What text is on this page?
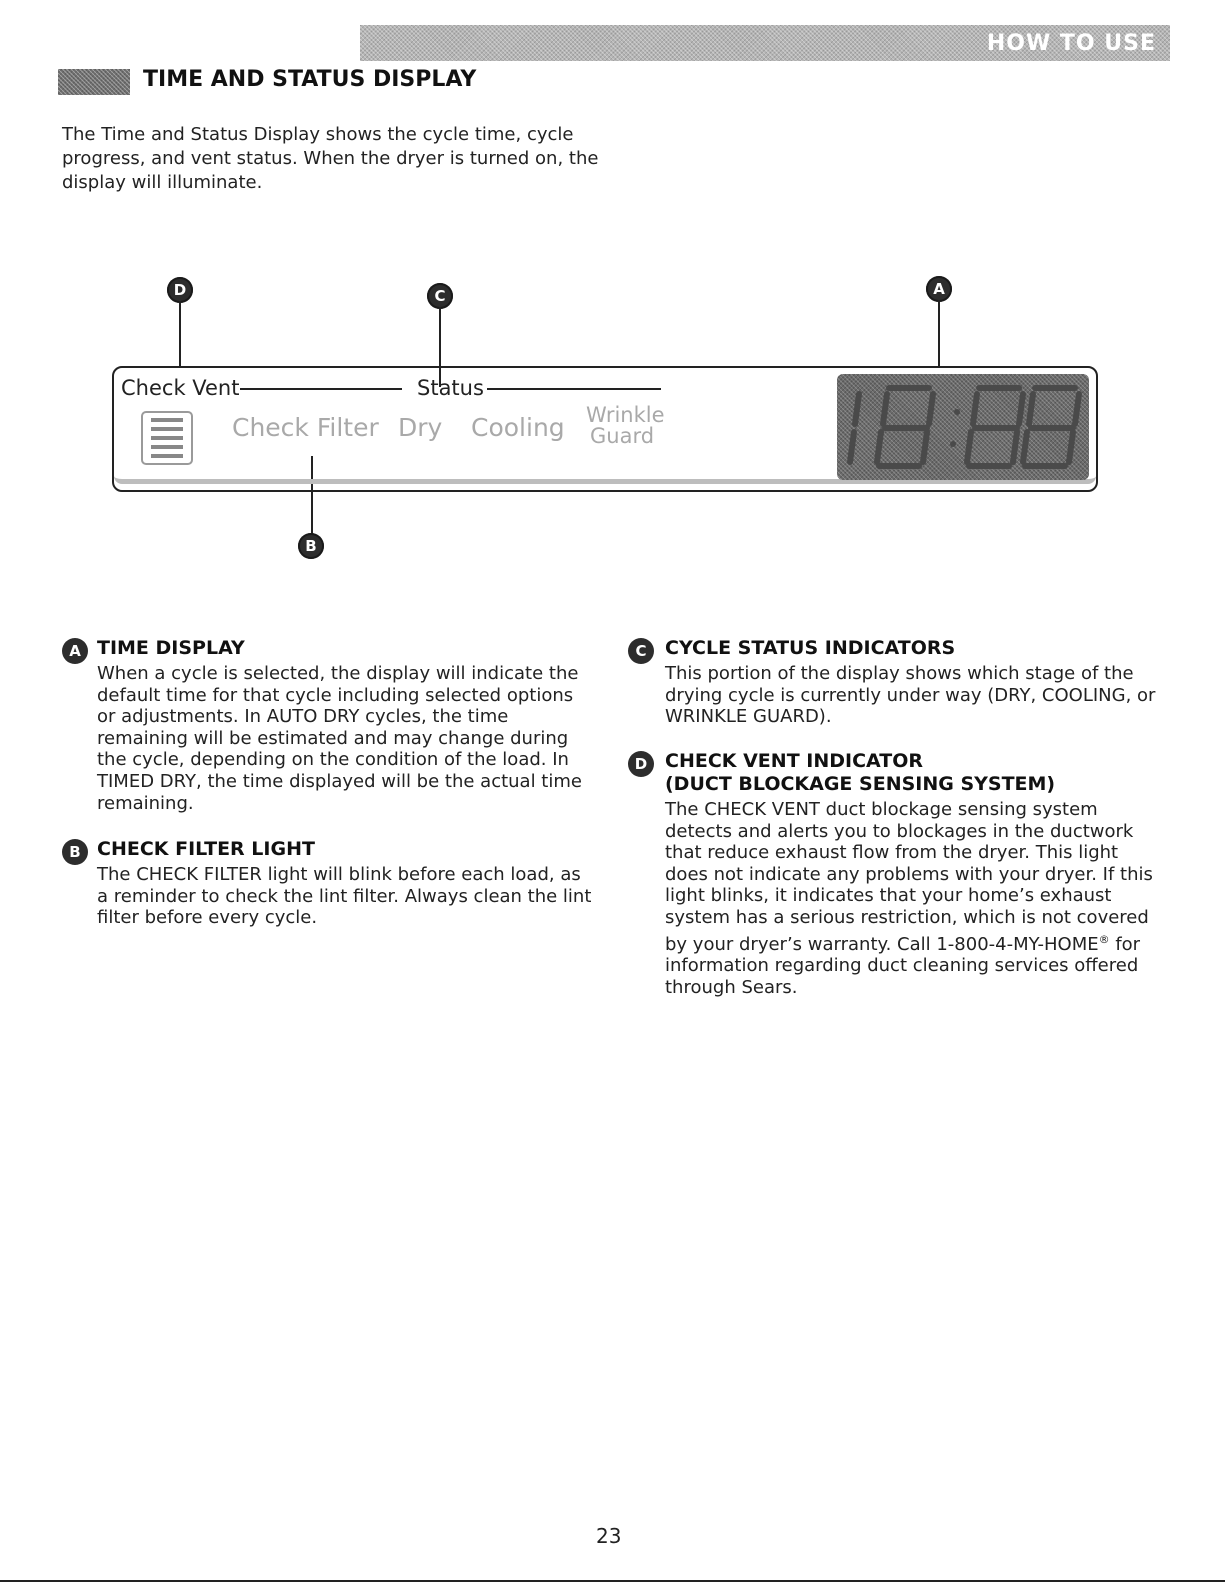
HOW TO USE
TIME AND STATUS DISPLAY
The Time and Status Display shows the cycle time, cycle progress, and vent status. When the dryer is turned on, the display will illuminate.
D	C	A
B
Check Vent	Status
Check Filter Dry Cooling Wrinkle
Guard
A TIME DISPLAY
When a cycle is selected, the display will indicate the default time for that cycle including selected options or adjustments. In AUTO DRY cycles, the time remaining will be estimated and may change during the cycle, depending on the condition of the load. In TIMED DRY, the time displayed will be the actual time remaining.
B CHECK FILTER LIGHT
The CHECK FILTER light will blink before each load, as a reminder to check the lint filter. Always clean the lint filter before every cycle.
C CYCLE STATUS INDICATORS
This portion of the display shows which stage of the drying cycle is currently under way (DRY, COOLING, or WRINKLE GUARD).
D CHECK VENT INDICATOR
(DUCT BLOCKAGE SENSING SYSTEM)
The CHECK VENT duct blockage sensing system detects and alerts you to blockages in the ductwork that reduce exhaust flow from the dryer. This light does not indicate any problems with your dryer. If this light blinks, it indicates that your home’s exhaust system has a serious restriction, which is not covered by your dryer’s warranty. Call 1-800-4-MY-HOME® for information regarding duct cleaning services offered through Sears.
23
